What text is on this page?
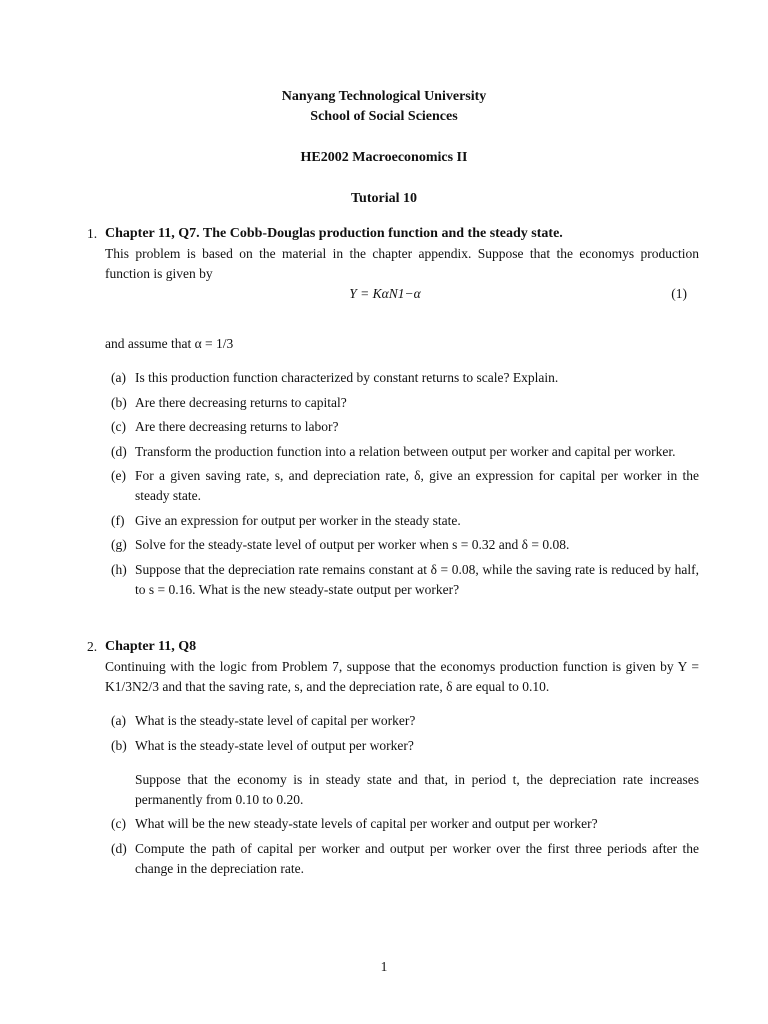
Nanyang Technological University
School of Social Sciences
HE2002 Macroeconomics II
Tutorial 10
1. Chapter 11, Q7. The Cobb-Douglas production function and the steady state.
This problem is based on the material in the chapter appendix. Suppose that the economys production function is given by
Y = KαN1−α	(1)
and assume that α = 1/3
(a) Is this production function characterized by constant returns to scale? Explain.
(b) Are there decreasing returns to capital?
(c) Are there decreasing returns to labor?
(d) Transform the production function into a relation between output per worker and capital per worker.
(e) For a given saving rate, s, and depreciation rate, δ, give an expression for capital per worker in the steady state.
(f) Give an expression for output per worker in the steady state.
(g) Solve for the steady-state level of output per worker when s = 0.32 and δ = 0.08.
(h) Suppose that the depreciation rate remains constant at δ = 0.08, while the saving rate is reduced by half, to s = 0.16. What is the new steady-state output per worker?
2. Chapter 11, Q8
Continuing with the logic from Problem 7, suppose that the economys production function is given by Y = K1/3N2/3 and that the saving rate, s, and the depreciation rate, δ are equal to 0.10.
(a) What is the steady-state level of capital per worker?
(b) What is the steady-state level of output per worker?
Suppose that the economy is in steady state and that, in period t, the depreciation rate increases permanently from 0.10 to 0.20.
(c) What will be the new steady-state levels of capital per worker and output per worker?
(d) Compute the path of capital per worker and output per worker over the first three periods after the change in the depreciation rate.
1
